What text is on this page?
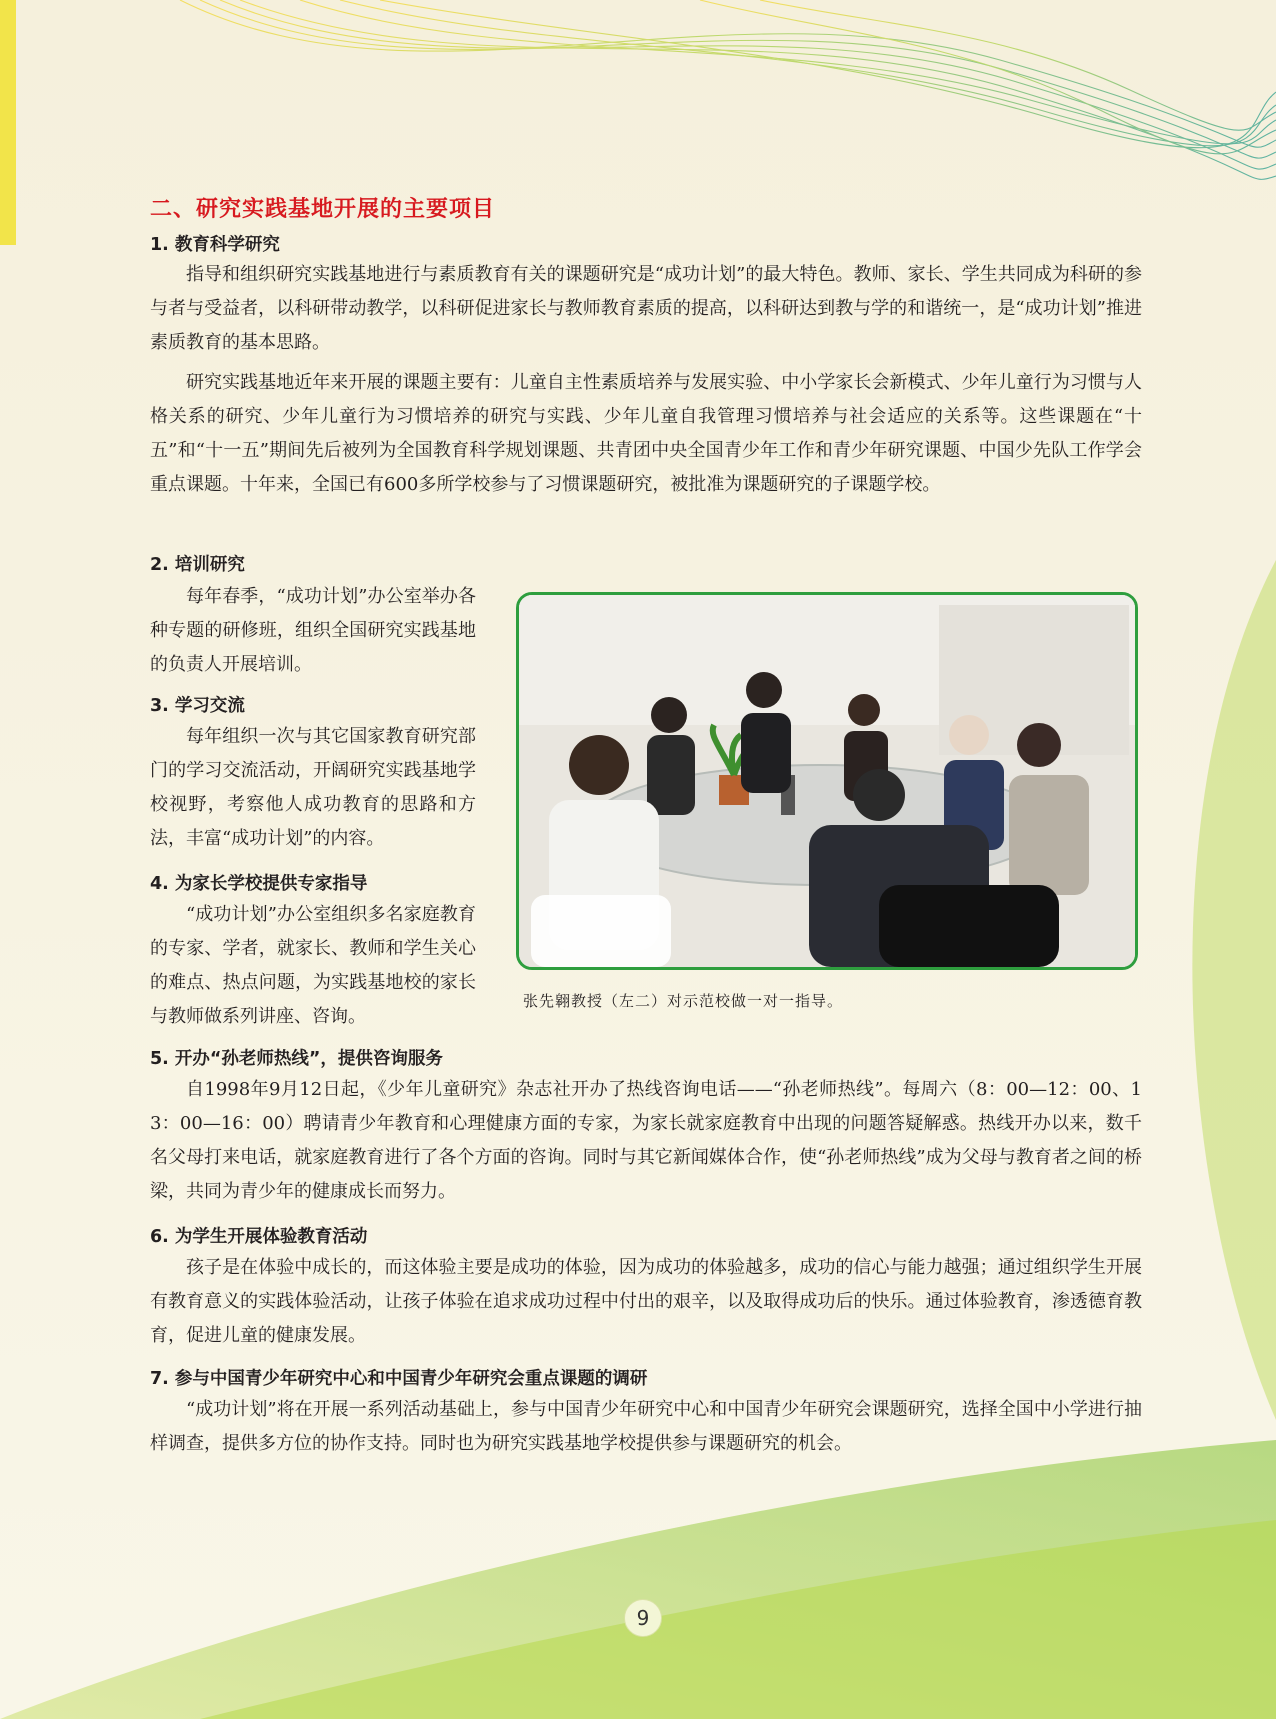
二、研究实践基地开展的主要项目
1. 教育科学研究

指导和组织研究实践基地进行与素质教育有关的课题研究是“成功计划”的最大特色。教师、家长、学生共同成为科研的参与者与受益者，以科研带动教学，以科研促进家长与教师教育素质的提高，以科研达到教与学的和谐统一，是“成功计划”推进素质教育的基本思路。

研究实践基地近年来开展的课题主要有：儿童自主性素质培养与发展实验、中小学家长会新模式、少年儿童行为习惯与人格关系的研究、少年儿童行为习惯培养的研究与实践、少年儿童自我管理习惯培养与社会适应的关系等。这些课题在“十五”和“十一五”期间先后被列为全国教育科学规划课题、共青团中央全国青少年工作和青少年研究课题、中国少先队工作学会重点课题。十年来，全国已有600多所学校参与了习惯课题研究，被批准为课题研究的子课题学校。

2. 培训研究

每年春季，“成功计划”办公室举办各种专题的研修班，组织全国研究实践基地的负责人开展培训。

3. 学习交流

每年组织一次与其它国家教育研究部门的学习交流活动，开阔研究实践基地学校视野，考察他人成功教育的思路和方法，丰富“成功计划”的内容。

4. 为家长学校提供专家指导

“成功计划”办公室组织多名家庭教育的专家、学者，就家长、教师和学生关心的难点、热点问题，为实践基地校的家长与教师做系列讲座、咨询。

张先翱教授（左二）对示范校做一对一指导。

5. 开办“孙老师热线”，提供咨询服务

自1998年9月12日起，《少年儿童研究》杂志社开办了热线咨询电话——“孙老师热线”。每周六（8：00—12：00、13：00—16：00）聘请青少年教育和心理健康方面的专家，为家长就家庭教育中出现的问题答疑解惑。热线开办以来，数千名父母打来电话，就家庭教育进行了各个方面的咨询。同时与其它新闻媒体合作，使“孙老师热线”成为父母与教育者之间的桥梁，共同为青少年的健康成长而努力。

6. 为学生开展体验教育活动

孩子是在体验中成长的，而这体验主要是成功的体验，因为成功的体验越多，成功的信心与能力越强；通过组织学生开展有教育意义的实践体验活动，让孩子体验在追求成功过程中付出的艰辛，以及取得成功后的快乐。通过体验教育，渗透德育教育，促进儿童的健康发展。

7. 参与中国青少年研究中心和中国青少年研究会重点课题的调研

“成功计划”将在开展一系列活动基础上，参与中国青少年研究中心和中国青少年研究会课题研究，选择全国中小学进行抽样调查，提供多方位的协作支持。同时也为研究实践基地学校提供参与课题研究的机会。

9
